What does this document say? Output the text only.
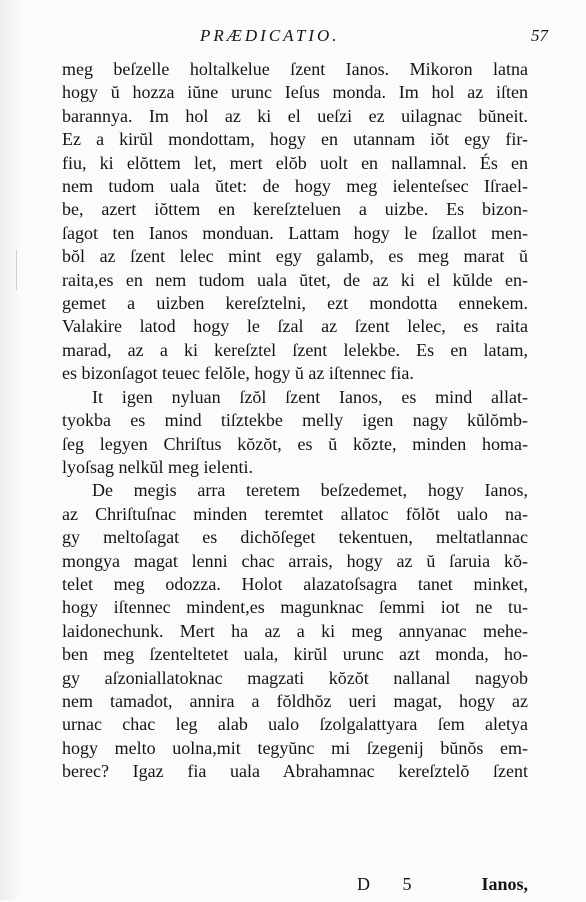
PRÆDICATIO.	57
meg beſzelle holtalkelue ſzent Ianos. Mikoron latna
hogy ŭ hozza iŭne urunc Ieſus monda. Im hol az iſten
barannya. Im hol az ki el ueſzi ez uilagnac bŭneit.
Ez a kirŭl mondottam, hogy en utannam iŏt egy fir-
fiu, ki elŏttem let, mert elŏb uolt en nallamnal. És en
nem tudom uala ŭtet: de hogy meg ielenteſsec Iſrael-
be, azert iŏttem en kereſzteluen a uizbe. Es bizon-
ſagot ten Ianos monduan. Lattam hogy le ſzallot men-
bŏl az ſzent lelec mint egy galamb, es meg marat ŭ
raita,es en nem tudom uala ŭtet, de az ki el kŭlde en-
gemet a uizben kereſztelni, ezt mondotta ennekem.
Valakire latod hogy le ſzal az ſzent lelec, es raita
marad, az a ki kereſztel ſzent lelekbe. Es en latam,
es bizonſagot teuec felŏle, hogy ŭ az iſtennec fia.
It igen nyluan ſzŏl ſzent Ianos, es mind allat-
tyokba es mind tiſztekbe melly igen nagy kŭlŏmb-
ſeg legyen Chriſtus kŏzŏt, es ŭ kŏzte, minden homa-
lyoſsag nelkŭl meg ielenti.
De megis arra teretem beſzedemet, hogy Ianos,
az Chriſtuſnac minden teremtet allatoc fŏlŏt ualo na-
gy meltoſagat es dichŏſeget tekentuen, meltatlannac
mongya magat lenni chac arrais, hogy az ŭ ſaruia kŏ-
telet meg odozza. Holot alazatoſsagra tanet minket,
hogy iſtennec mindent,es magunknac ſemmi iot ne tu-
laidonechunk. Mert ha az a ki meg annyanac mehe-
ben meg ſzenteltetet uala, kirŭl urunc azt monda, ho-
gy aſzoniallatoknac magzati kŏzŏt nallanal nagyob
nem tamadot, annira a fŏldhŏz ueri magat, hogy az
urnac chac leg alab ualo ſzolgalattyara ſem aletya
hogy melto uolna,mit tegyŭnc mi ſzegenij bŭnŏs em-
berec? Igaz fia uala Abrahamnac kereſztelŏ ſzent
D 5	Ianos,
